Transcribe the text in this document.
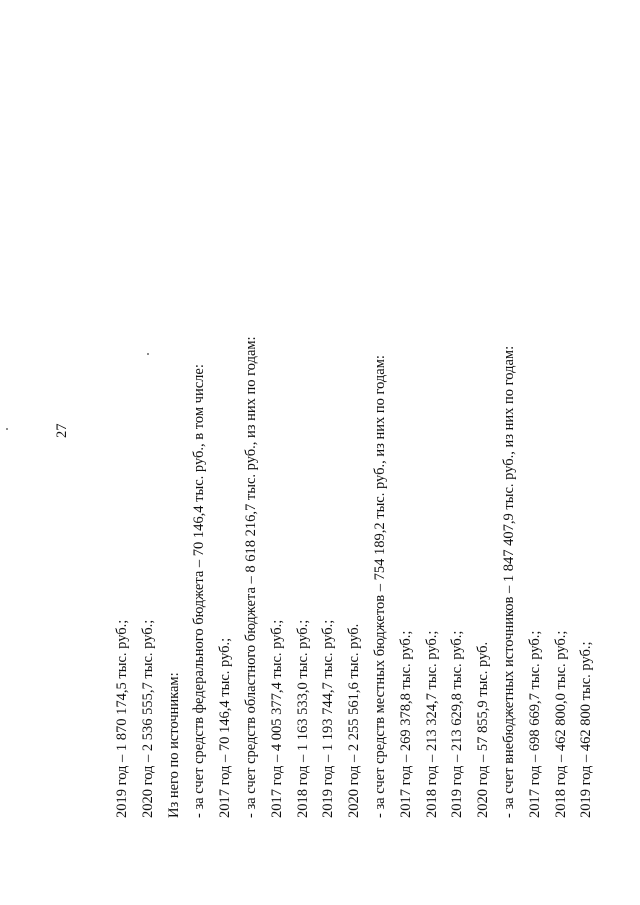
27
2019 год – 1 870 174,5 тыс. руб.; 2020 год – 2 536 555,7 тыс. руб.; Из него по источникам: - за счет средств федерального бюджета – 70 146,4 тыс. руб., в том числе: 2017 год – 70 146,4 тыс. руб.; - за счет средств областного бюджета – 8 618 216,7 тыс. руб., из них по годам: 2017 год – 4 005 377,4 тыс. руб.; 2018 год – 1 163 533,0 тыс. руб.; 2019 год – 1 193 744,7 тыс. руб.; 2020 год – 2 255 561,6 тыс. руб. - за счет средств местных бюджетов – 754 189,2 тыс. руб., из них по годам: 2017 год – 269 378,8 тыс. руб.; 2018 год – 213 324,7 тыс. руб.; 2019 год – 213 629,8 тыс. руб.; 2020 год – 57 855,9 тыс. руб. - за счет внебюджетных источников – 1 847 407,9 тыс. руб., из них по годам: 2017 год – 698 669,7 тыс. руб.; 2018 год – 462 800,0 тыс. руб.; 2019 год – 462 800 тыс. руб.;
